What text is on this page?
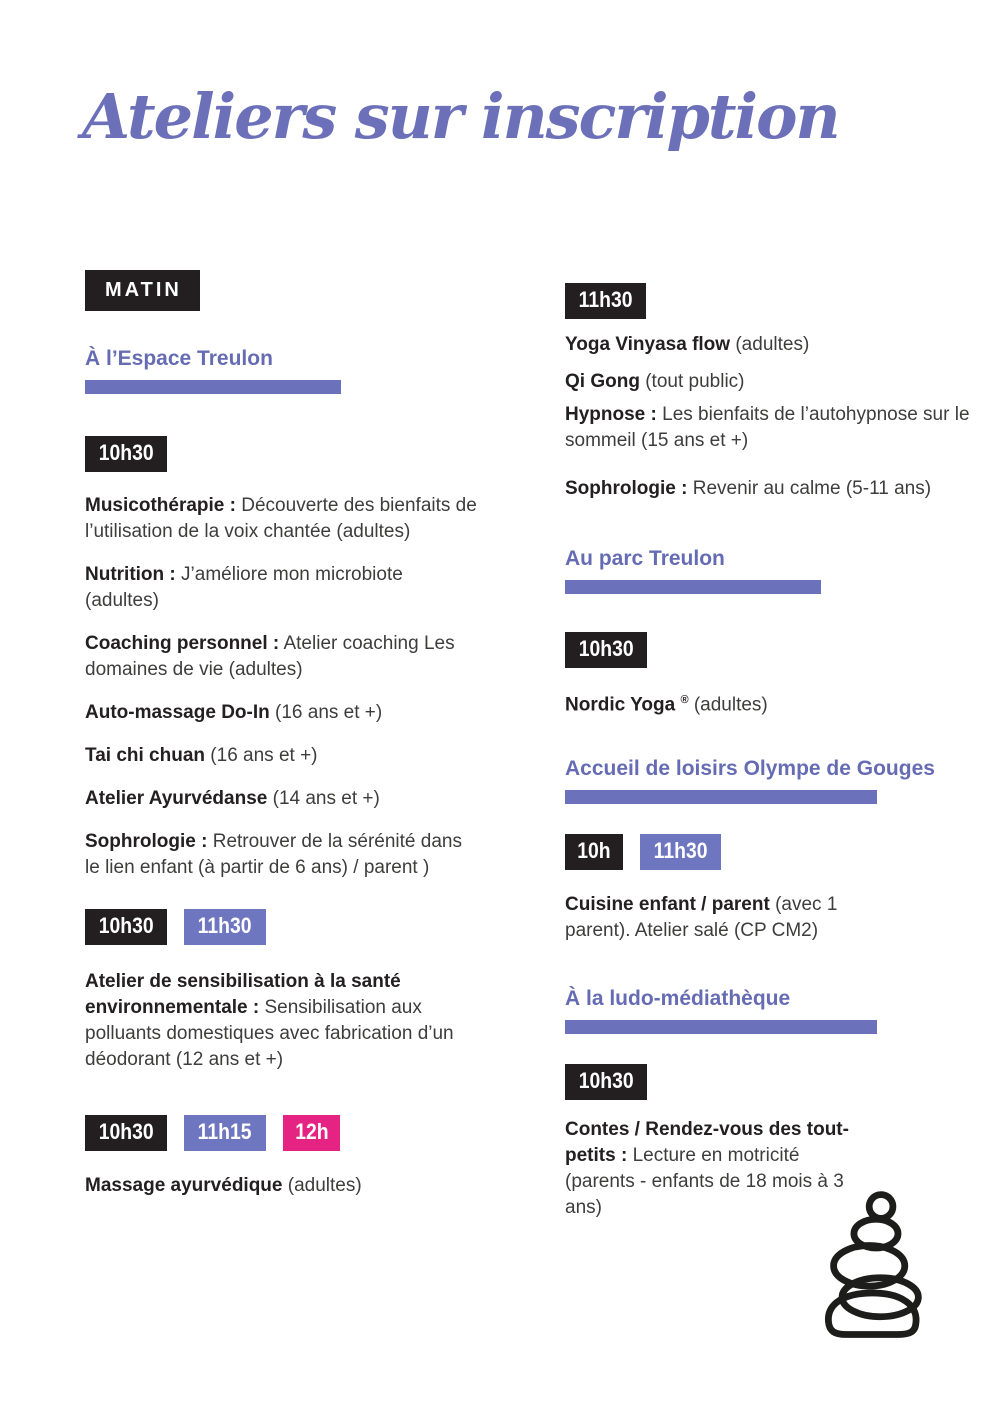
Ateliers sur inscription
MATIN
À l’Espace Treulon
10h30

Musicothérapie : Découverte des bienfaits de l’utilisation de la voix chantée (adultes)

Nutrition : J’améliore mon microbiote (adultes)

Coaching personnel : Atelier coaching Les domaines de vie (adultes)

Auto-massage Do-In (16 ans et +)

Tai chi chuan (16 ans et +)

Atelier Ayurvédanse (14 ans et +)

Sophrologie : Retrouver de la sérénité dans le lien enfant (à partir de 6 ans) / parent )

10h30	11h30

Atelier de sensibilisation à la santé environnementale : Sensibilisation aux polluants domestiques avec fabrication d’un déodorant (12 ans et +)

10h30	11h15	12h

Massage ayurvédique (adultes)

11h30

Yoga Vinyasa flow (adultes)

Qi Gong (tout public)

Hypnose : Les bienfaits de l’autohypnose sur le sommeil (15 ans et +)

Sophrologie : Revenir au calme (5-11 ans)

Au parc Treulon
10h30

Nordic Yoga ® (adultes)

Accueil de loisirs Olympe de Gouges
10h	11h30

Cuisine enfant / parent (avec 1 parent). Atelier salé (CP CM2)

À la ludo-médiathèque
10h30

Contes / Rendez-vous des tout-petits : Lecture en motricité (parents - enfants de 18 mois à 3 ans)
